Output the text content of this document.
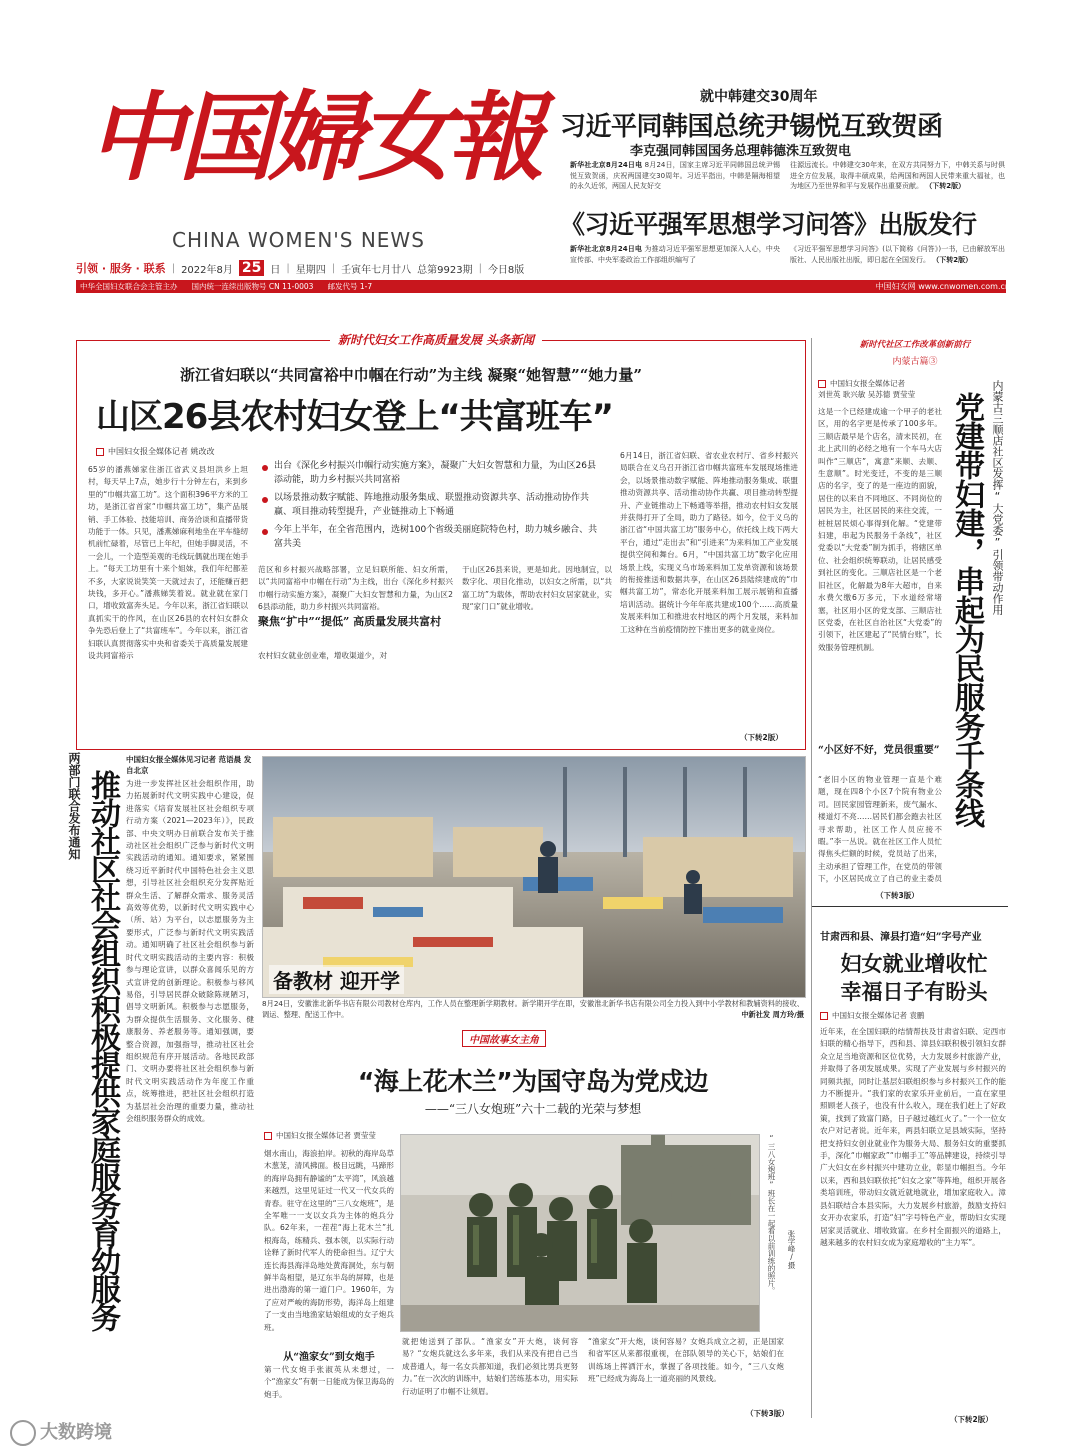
中国婦女報
CHINA WOMEN'S NEWS
引领 · 服务 · 联系 | 2022年8月 25 日 | 星期四 | 壬寅年七月廿八 总第9923期 | 今日8版
中华全国妇女联合会主管主办 国内统一连续出版物号 CN 11-0003 邮发代号 1-7	中国妇女网 www.cnwomen.com.cn
就中韩建交30周年
习近平同韩国总统尹锡悦互致贺函
李克强同韩国国务总理韩德洙互致贺电
新华社北京8月24日电 8月24日，国家主席习近平同韩国总统尹锡悦互致贺函，庆祝两国建交30周年。习近平指出，中韩是隔海相望的永久近邻，两国人民友好交
往源远流长。中韩建交30年来，在双方共同努力下，中韩关系与时俱进全方位发展，取得丰硕成果，给两国和两国人民带来重大福祉，也为地区乃至世界和平与发展作出重要贡献。 （下转2版）
《习近平强军思想学习问答》出版发行
新华社北京8月24日电 为推动习近平强军思想更加深入人心，中央宣传部、中央军委政治工作部组织编写了
《习近平强军思想学习问答》(以下简称《问答》)一书，已由解放军出版社、人民出版社出版，即日起在全国发行。 （下转2版）
新时代妇女工作高质量发展 头条新闻
浙江省妇联以“共同富裕中巾帼在行动”为主线 凝聚“她智慧”“她力量”
山区26县农村妇女登上“共富班车”
中国妇女报全媒体记者 姚改改
65岁的潘燕娣家住浙江省武义县坦洪乡上坦村，每天早上7点，她步行十分钟左右，来到乡里的“巾帼共富工坊”。这个面积396平方米的工坊，是浙江省首家“巾帼共富工坊”，集产品展销、手工体验、技能培训、商务洽谈和直播带货功能于一体。只见，潘燕娣麻利地坐在平车缝纫机前忙碌着，尽管已上年纪，但她手脚灵活，不一会儿，一个造型美观的毛线玩偶就出现在她手上。“每天工坊里有十来个姐妹，我们年纪都差不多，大家说说笑笑一天就过去了，还能赚百把块钱，多开心。”潘燕娣笑着说。就业就在家门口，增收致富奔头足。今年以来，浙江省妇联以真抓实干的作风，在山区26县的农村妇女群众争先恐后登上了“共富班车”。今年以来，浙江省妇联认真贯彻落实中央和省委关于高质量发展建设共同富裕示
出台《深化乡村振兴巾帼行动实施方案》，凝聚广大妇女智慧和力量，为山区26县添动能，助力乡村振兴共同富裕
以场景推动数字赋能、阵地推动服务集成、联盟推动资源共享、活动推动协作共赢、项目推动转型提升，产业链推动上下畅通
今年上半年，在全省范围内，选树100个省级美丽庭院特色村，助力城乡融合、共富共美
范区和乡村振兴战略部署，立足妇联所能、妇女所需，以“共同富裕中巾帼在行动”为主线，出台《深化乡村振兴巾帼行动实施方案》，凝聚广大妇女智慧和力量，为山区26县添动能，助力乡村振兴共同富裕。
聚焦“扩中”“提低” 高质量发展共富村
农村妇女就业创业难，增收渠道少，对
于山区26县来说，更是如此。因地制宜，以数字化、项目化推动，以妇女之所需，以“共富工坊”为载体，帮助农村妇女居家就业，实现“家门口”就业增收。
6月14日，浙江省妇联、省农业农村厅、省乡村振兴局联合在义乌召开浙江省巾帼共富班车发展现场推进会，以场景推动数字赋能、阵地推动服务集成、联盟推动资源共享、活动推动协作共赢、项目推动转型提升、产业链推动上下畅通等举措，推动农村妇女发展并获得打开了全局，助力了路径。如今，位于义乌的浙江省“中国共富工坊”服务中心，依托线上线下两大平台，通过“走出去”和“引进来”为来料加工产业发展提供空间和舞台。6月，“中国共富工坊”数字化应用场景上线，实现义乌市场来料加工发单资源和该场景的衔接推送和数据共享，在山区26县陆续建成的“巾帼共富工坊”，常态化开展来料加工展示展销和直播培训活动。据统计今年年底共建成100个……高质量发展来料加工和推进农村地区的两个月发展，来料加工这种在当前疫情防控下推出更多的就业岗位。
（下转2版）
新时代社区工作改革创新前行
内蒙古篇③
中国妇女报全媒体记者
刘世英 耿兴敏 吴苏德 贾莹莹	内蒙古三顺店社区发挥“大党委”引领带动作用
党建带妇建，串起为民服务千条线
这是一个已经建成逾一个甲子的老社区，用的名字更是传承了100多年。三顺店最早是个店名，清末民初，在北上武川的必经之地有一个车马大店叫作“三顺店”，寓意“来顺、去顺、生意顺”。时光变迁，不变的是三顺店的名字，变了的是一座边的面貌，居住的以来自不同地区、不同岗位的居民为主，社区居民的来往交流，一桩桩居民烦心事得到化解。“党建带妇建，串起为民服务千条线”，社区党委以“大党委”制为抓手，将辖区单位、社会组织统筹联动，让居民感受到社区的变化。三顺店社区是一个老旧社区，化解最为8年大超市，自来水费欠缴6万多元，下水道经常堵塞，社区用小区的党支部、三顺店社区党委，在社区自治社区“大党委”的引领下，社区建起了“民情台账”，长效服务管理机制。
“小区好不好，党员很重要”
“老旧小区的物业管理一直是个难题，现在四8个小区7个院有物业公司。回民家园管理新来，废气漏水、楼道灯不亮……居民们都会跑去社区寻求帮助，社区工作人员应接不暇。”李一丛说。就在社区工作人员忙得焦头烂额的时候，党员站了出来，主动承担了管理工作，在党员的带领下，小区居民成立了自己的业主委员
（下转3版）
甘肃西和县、漳县打造“妇”字号产业
妇女就业增收忙
幸福日子有盼头
中国妇女报全媒体记者 袁鹏
近年来，在全国妇联的结情帮扶及甘肃省妇联、定西市妇联的精心指导下，西和县、漳县妇联积极引领妇女群众立足当地资源和区位优势，大力发展乡村旅游产业，并取得了各项发展成果。实现了产业发展与乡村振兴的同频共振，同时让基层妇联组织参与乡村振兴工作的能力不断提升。“我们家的农家乐开业前后，一直在家里照顾老人孩子，也没有什么收入，现在我们赶上了好政策，找到了致富门路，日子越过越红火了。”一个一位女农户对记者说。近年来，两县妇联立足县域实际，坚持把支持妇女创业就业作为服务大局、服务妇女的重要抓手，深化“巾帼家政”“巾帼手工”等品牌建设，持续引导广大妇女在乡村振兴中建功立业，彰显巾帼担当。今年以来，西和县妇联依托“妇女之家”等阵地，组织开展各类培训班，带动妇女就近就地就业，增加家庭收入。漳县妇联结合本县实际，大力发展乡村旅游，鼓励支持妇女开办农家乐，打造“妇”字号特色产业，帮助妇女实现居家灵活就业、增收致富。在乡村全面振兴的道路上，越来越多的农村妇女成为家庭增收的“主力军”。
（下转2版）
两部门联合发布通知 推动社区社会组织积极提供家庭服务育幼服务
中国妇女报全媒体见习记者 范语晨 发自北京
为进一步发挥社区社会组织作用，助力拓展新时代文明实践中心建设，促进落实《培育发展社区社会组织专项行动方案（2021—2023年）》，民政部、中央文明办日前联合发布关于推动社区社会组织广泛参与新时代文明实践活动的通知。通知要求，紧紧围绕习近平新时代中国特色社会主义思想，引导社区社会组织充分发挥贴近群众生活、了解群众需求、服务灵活高效等优势，以新时代文明实践中心（所、站）为平台，以志愿服务为主要形式，广泛参与新时代文明实践活动。通知明确了社区社会组织参与新时代文明实践活动的主要内容：积极参与理论宣讲，以群众喜闻乐见的方式宣讲党的创新理论。积极参与移风易俗，引导居民群众破除陈规陋习，倡导文明新风。积极参与志愿服务，为群众提供生活服务、文化服务、健康服务、养老服务等。通知强调，要整合资源，加强指导，推动社区社会组织规范有序开展活动。各地民政部门、文明办要将社区社会组织参与新时代文明实践活动作为年度工作重点，统筹推进，把社区社会组织打造为基层社会治理的重要力量，推动社会组织服务群众的成效。
备教材 迎开学
8月24日，安徽淮北新华书店有限公司教材仓库内，工作人员在整理新学期教材。新学期开学在即，安徽淮北新华书店有限公司全力投入到中小学教材和教辅资料的接收、调运、整理、配送工作中。	中新社发 周方玲/摄
中国故事女主角
“海上花木兰”为国守岛为党戍边
——“三八女炮班”六十二载的光荣与梦想
中国妇女报全媒体记者 贾莹莹
烟水南山，海浪拍岸。初秋的海岸岛草木葱茏，清风拂面。极目远眺，马蹄形的海岸岛拥有静谧的“太平湾”，风浪越来越烈，这里见证过一代又一代女兵的青春。驻守在这里的“三八女炮班”，是全军唯一一支以女兵为主体的炮兵分队。62年来，一茬茬“海上花木兰”扎根海岛，练精兵、强本领，以实际行动诠释了新时代军人的使命担当。辽宁大连长海县海洋岛地处黄海洞处，东与朝鲜半岛相望，是辽东半岛的屏障，也是进出渤海的第一道门户。1960年，为了应对严峻的海防形势，海洋岛上组建了一支由当地渔家姑娘组成的女子炮兵班。
从“渔家女”到女炮手
第一代女炮手张淑英从未想过，一个“渔家女”有朝一日能成为保卫海岛的炮手。
“三八女炮班”班长在一起看以前训练的照片。 张学峰/摄
就把她送到了部队。“渔家女”开大炮，谈何容易？“女炮兵就这么多年来，我们从来没有把自己当成普通人，每一名女兵都知道，我们必须比男兵更努力。”在一次次的训练中，姑娘们苦练基本功，用实际行动证明了巾帼不让须眉。
“渔家女”开大炮，谈何容易？女炮兵成立之初，正是国家和省军区从来都很重视，在部队领导的关心下，姑娘们在训练场上挥洒汗水，掌握了各项技能。如今，“三八女炮班”已经成为海岛上一道亮丽的风景线。
（下转3版）
大数跨境
